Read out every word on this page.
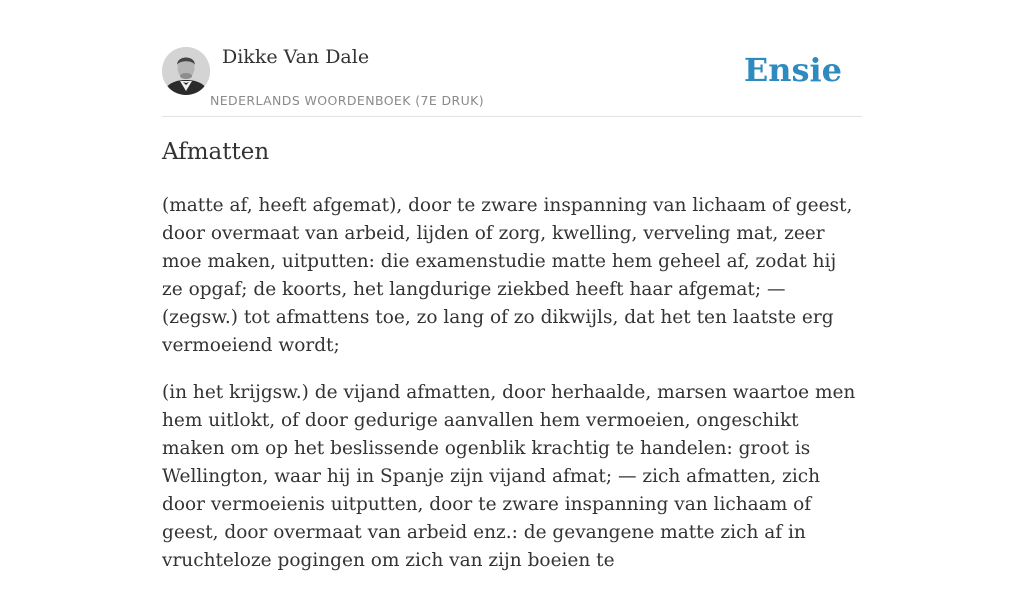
Dikke Van Dale
NEDERLANDS WOORDENBOEK (7E DRUK)
Ensie
Afmatten

(matte af, heeft afgemat), door te zware inspanning van lichaam of geest, door overmaat van arbeid, lijden of zorg, kwelling, verveling mat, zeer moe maken, uitputten: die examenstudie matte hem geheel af, zodat hij ze opgaf; de koorts, het langdurige ziekbed heeft haar afgemat; — (zegsw.) tot afmattens toe, zo lang of zo dikwijls, dat het ten laatste erg vermoeiend wordt;

(in het krijgsw.) de vijand afmatten, door herhaalde, marsen waartoe men hem uitlokt, of door gedurige aanvallen hem vermoeien, ongeschikt maken om op het beslissende ogenblik krachtig te handelen: groot is Wellington, waar hij in Spanje zijn vijand afmat; — zich afmatten, zich door vermoeienis uitputten, door te zware inspanning van lichaam of geest, door overmaat van arbeid enz.: de gevangene matte zich af in vruchteloze pogingen om zich van zijn boeien te
